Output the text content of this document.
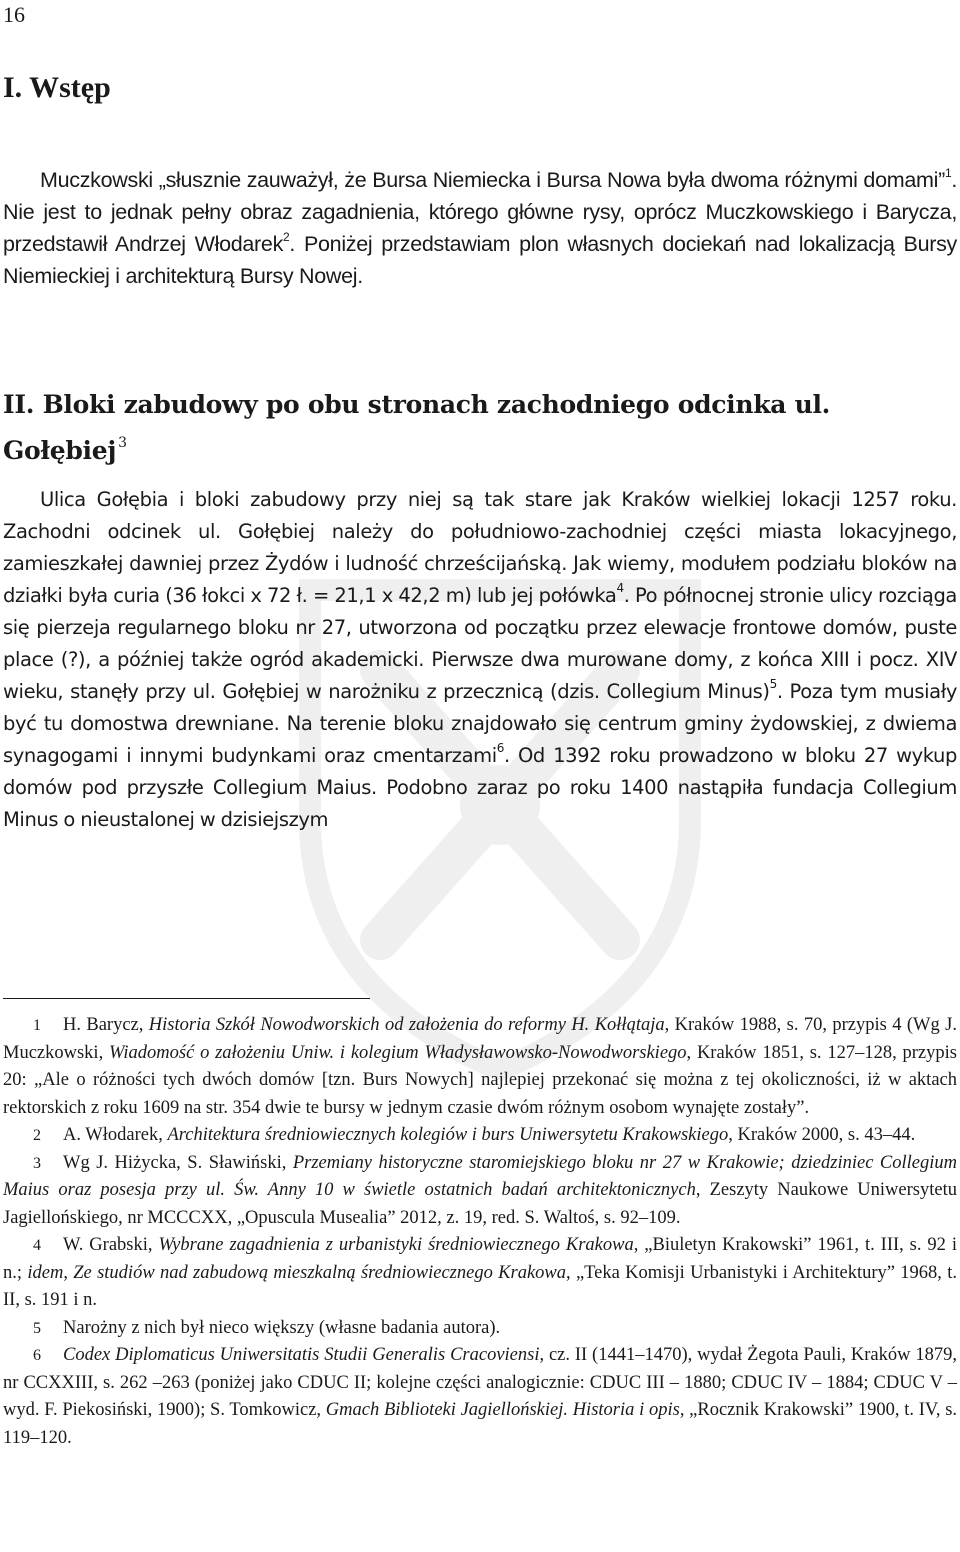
16
I. Wstęp

Muczkowski „słusznie zauważył, że Bursa Niemiecka i Bursa Nowa była dwoma różnymi domami”$^1$. Nie jest to jednak pełny obraz zagadnienia, którego główne rysy, oprócz Muczkowskiego i Barycza, przedstawił Andrzej Włodarek$^2$. Poniżej przedstawiam plon własnych dociekań nad lokalizacją Bursy Niemieckiej i architekturą Bursy Nowej.

II. Bloki zabudowy po obu stronach zachodniego odcinka ul. Gołębiej $^3$

Ulica Gołębia i bloki zabudowy przy niej są tak stare jak Kraków wielkiej lokacji 1257 roku. Zachodni odcinek ul. Gołębiej należy do południowo-zachodniej części miasta lokacyjnego, zamieszkałej dawniej przez Żydów i ludność chrześcijańską. Jak wiemy, modułem podziału bloków na działki była curia (36 łokci x 72 ł. = 21,1 x 42,2 m) lub jej połówka$^4$. Po północnej stronie ulicy rozciąga się pierzeja regularnego bloku nr 27, utworzona od początku przez elewacje frontowe domów, puste place (?), a później także ogród akademicki. Pierwsze dwa murowane domy, z końca XIII i pocz. XIV wieku, stanęły przy ul. Gołębiej w narożniku z przecznicą (dzis. Collegium Minus)$^5$. Poza tym musiały być tu domostwa drewniane. Na terenie bloku znajdowało się centrum gminy żydowskiej, z dwiema synagogami i innymi budynkami oraz cmentarzami$^6$. Od 1392 roku prowadzono w bloku 27 wykup domów pod przyszłe Collegium Maius. Podobno zaraz po roku 1400 nastąpiła fundacja Collegium Minus o nieustalonej w dzisiejszym

1 H. Barycz, Historia Szkół Nowodworskich od założenia do reformy H. Kołłątaja, Kraków 1988, s. 70, przypis 4 (Wg J. Muczkowski, Wiadomość o założeniu Uniw. i kolegium Władysławowsko-Nowodworskiego, Kraków 1851, s. 127–128, przypis 20: „Ale o różności tych dwóch domów [tzn. Burs Nowych] najlepiej przekonać się można z tej okoliczności, iż w aktach rektorskich z roku 1609 na str. 354 dwie te bursy w jednym czasie dwóm różnym osobom wynajęte zostały”.

2 A. Włodarek, Architektura średniowiecznych kolegiów i burs Uniwersytetu Krakowskiego, Kraków 2000, s. 43–44.

3 Wg J. Hiżycka, S. Sławiński, Przemiany historyczne staromiejskiego bloku nr 27 w Krakowie; dziedziniec Collegium Maius oraz posesja przy ul. Św. Anny 10 w świetle ostatnich badań architektonicznych, Zeszyty Naukowe Uniwersytetu Jagiellońskiego, nr MCCCXX, „Opuscula Musealia” 2012, z. 19, red. S. Waltoś, s. 92–109.

4 W. Grabski, Wybrane zagadnienia z urbanistyki średniowiecznego Krakowa, „Biuletyn Krakowski” 1961, t. III, s. 92 i n.; idem, Ze studiów nad zabudową mieszkalną średniowiecznego Krakowa, „Teka Komisji Urbanistyki i Architektury” 1968, t. II, s. 191 i n.

5 Narożny z nich był nieco większy (własne badania autora).

6 Codex Diplomaticus Uniwersitatis Studii Generalis Cracoviensi, cz. II (1441–1470), wydał Żegota Pauli, Kraków 1879, nr CCXXIII, s. 262 –263 (poniżej jako CDUC II; kolejne części analogicznie: CDUC III – 1880; CDUC IV – 1884; CDUC V – wyd. F. Piekosiński, 1900); S. Tomkowicz, Gmach Biblioteki Jagiellońskiej. Historia i opis, „Rocznik Krakowski” 1900, t. IV, s. 119–120.
